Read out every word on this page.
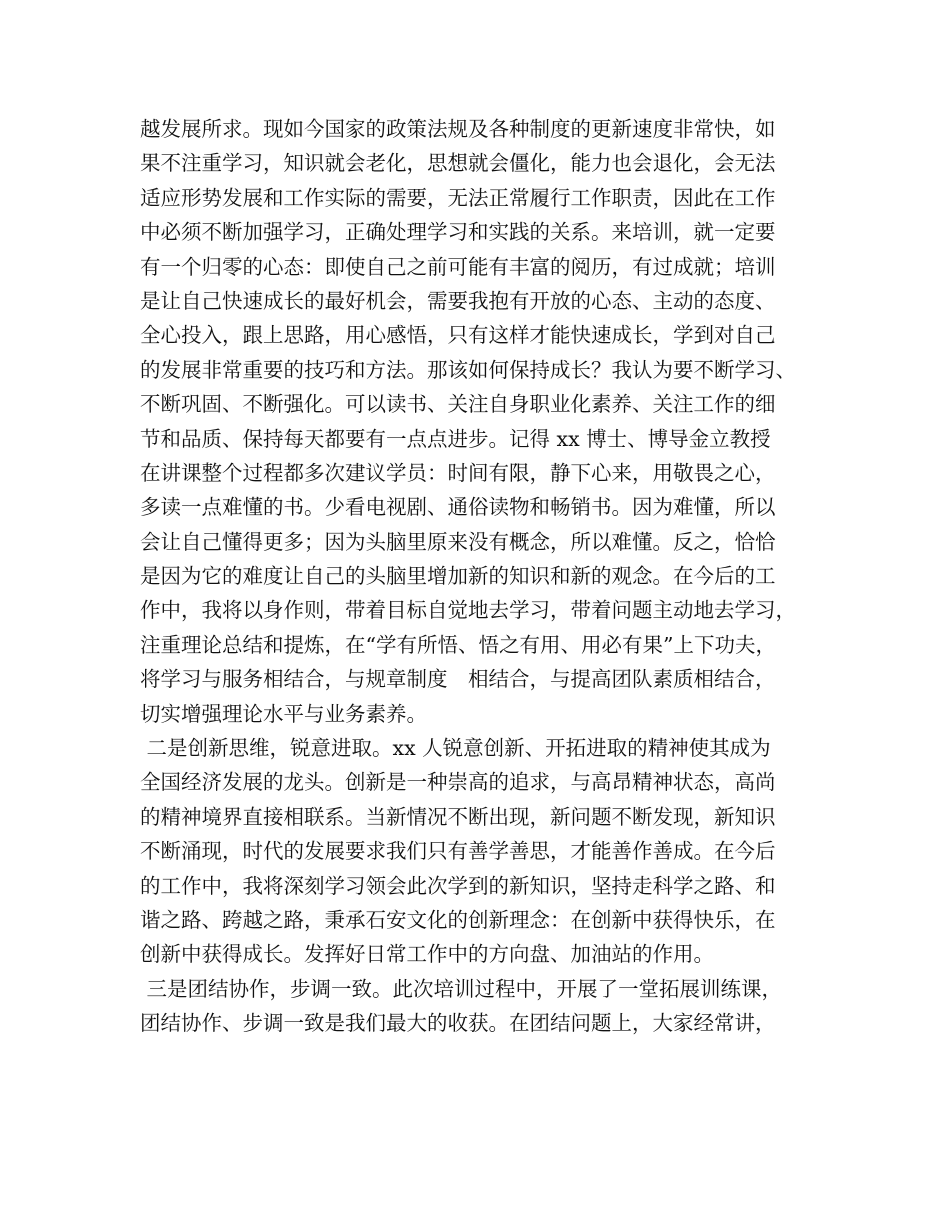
越发展所求。现如今国家的政策法规及各种制度的更新速度非常快，如
果不注重学习，知识就会老化，思想就会僵化，能力也会退化，会无法
适应形势发展和工作实际的需要，无法正常履行工作职责，因此在工作
中必须不断加强学习，正确处理学习和实践的关系。来培训，就一定要
有一个归零的心态：即使自己之前可能有丰富的阅历，有过成就；培训
是让自己快速成长的最好机会，需要我抱有开放的心态、主动的态度、
全心投入，跟上思路，用心感悟，只有这样才能快速成长，学到对自己
的发展非常重要的技巧和方法。那该如何保持成长？我认为要不断学习、
不断巩固、不断强化。可以读书、关注自身职业化素养、关注工作的细
节和品质、保持每天都要有一点点进步。记得 xx 博士、博导金立教授
在讲课整个过程都多次建议学员：时间有限，静下心来，用敬畏之心，
多读一点难懂的书。少看电视剧、通俗读物和畅销书。因为难懂，所以
会让自己懂得更多；因为头脑里原来没有概念，所以难懂。反之，恰恰
是因为它的难度让自己的头脑里增加新的知识和新的观念。在今后的工
作中，我将以身作则，带着目标自觉地去学习，带着问题主动地去学习，
注重理论总结和提炼，在“学有所悟、悟之有用、用必有果”上下功夫，
将学习与服务相结合，与规章制度　相结合，与提高团队素质相结合，
切实增强理论水平与业务素养。
二是创新思维，锐意进取。xx 人锐意创新、开拓进取的精神使其成为
全国经济发展的龙头。创新是一种崇高的追求，与高昂精神状态，高尚
的精神境界直接相联系。当新情况不断出现，新问题不断发现，新知识
不断涌现，时代的发展要求我们只有善学善思，才能善作善成。在今后
的工作中，我将深刻学习领会此次学到的新知识，坚持走科学之路、和
谐之路、跨越之路，秉承石安文化的创新理念：在创新中获得快乐，在
创新中获得成长。发挥好日常工作中的方向盘、加油站的作用。
三是团结协作，步调一致。此次培训过程中，开展了一堂拓展训练课，
团结协作、步调一致是我们最大的收获。在团结问题上，大家经常讲，
